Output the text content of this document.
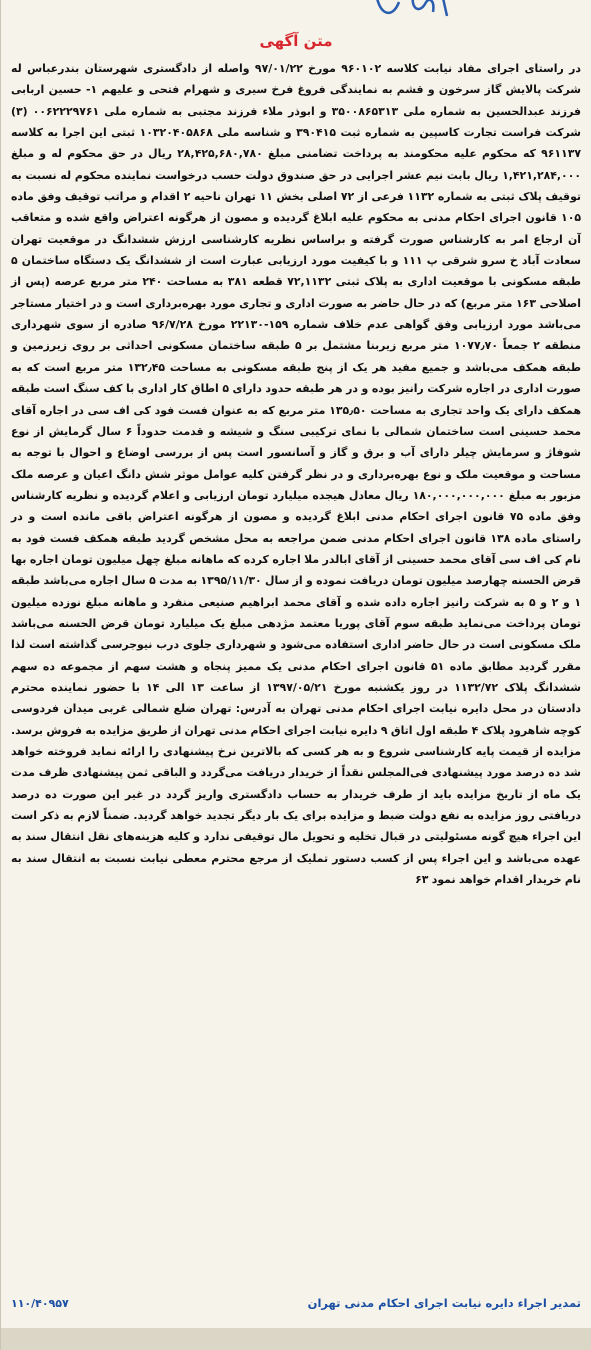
متن آگهی

در راستای اجرای مفاد نیابت کلاسه ۹۶۰۱۰۲ مورخ ۹۷/۰۱/۲۲ واصله از دادگستری شهرستان بندرعباس له شرکت پالایش گاز سرخون و قشم به نمایندگی فروغ فرخ سیری و شهرام فتحی و علیهم ۱- حسین اربابی فرزند عبدالحسین به شماره ملی ۳۵۰۰۸۶۵۳۱۳ و ابوذر ملاء فرزند مجتبی به شماره ملی ۰۰۶۲۲۲۹۷۶۱ (۳) شرکت فراست تجارت کاسپین به شماره ثبت ۳۹۰۴۱۵ و شناسه ملی ۱۰۳۲۰۴۰۵۸۶۸ ثبتی این اجرا به کلاسه ۹۶۱۱۳۷ که محکوم علیه محکومند به پرداخت تضامنی مبلغ ۲۸,۴۲۵,۶۸۰,۷۸۰ ریال در حق محکوم له و مبلغ ۱,۴۲۱,۲۸۴,۰۰۰ ریال بابت نیم عشر اجرایی در حق صندوق دولت حسب درخواست نماینده محکوم له نسبت به توقیف پلاک ثبتی به شماره ۱۱۳۲ فرعی از ۷۲ اصلی بخش ۱۱ تهران ناحیه ۲ اقدام و مراتب توقیف وفق ماده ۱۰۵ قانون اجرای احکام مدنی به محکوم علیه ابلاغ گردیده و مصون از هرگونه اعتراض واقع شده و متعاقب آن ارجاع امر به کارشناس صورت گرفته و براساس نظریه کارشناسی ارزش ششدانگ در موقعیت تهران سعادت آباد خ سرو شرقی پ ۱۱۱ و با کیفیت مورد ارزیابی عبارت است از ششدانگ یک دستگاه ساختمان ۵ طبقه مسکونی با موقعیت اداری به پلاک ثبتی ۷۲,۱۱۳۲ قطعه ۳۸۱ به مساحت ۲۴۰ متر مربع عرصه (پس از اصلاحی ۱۶۳ متر مربع) که در حال حاضر به صورت اداری و تجاری مورد بهره‌برداری است و در اختیار مستاجر می‌باشد مورد ارزیابی وفق گواهی عدم خلاف شماره ۱۵۹-۲۲۱۳۰ مورخ ۹۶/۷/۲۸ صادره از سوی شهرداری منطقه ۲ جمعاً ۱۰۷۷٫۷۰ متر مربع زیربنا مشتمل بر ۵ طبقه ساختمان مسکونی احداثی بر روی زیرزمین و طبقه همکف می‌باشد و جمیع مفید هر یک از پنج طبقه مسکونی به مساحت ۱۳۲٫۴۵ متر مربع است که به صورت اداری در اجاره شرکت رانیز بوده و در هر طبقه حدود دارای ۵ اطاق کار اداری با کف سنگ است طبقه همکف دارای یک واحد تجاری به مساحت ۱۳۵٫۵۰ متر مربع که به عنوان فست فود کی اف سی در اجاره آقای محمد حسینی است ساختمان شمالی با نمای ترکیبی سنگ و شیشه و قدمت حدوداً ۶ سال گرمایش از نوع شوفاژ و سرمایش چیلر دارای آب و برق و گاز و آسانسور است پس از بررسی اوضاع و احوال با توجه به مساحت و موقعیت ملک و نوع بهره‌برداری و در نظر گرفتن کلیه عوامل موثر شش دانگ اعیان و عرصه ملک مزبور به مبلغ ۱۸۰,۰۰۰,۰۰۰,۰۰۰ ریال معادل هیجده میلیارد تومان ارزیابی و اعلام گردیده و نظریه کارشناس وفق ماده ۷۵ قانون اجرای احکام مدنی ابلاغ گردیده و مصون از هرگونه اعتراض باقی مانده است و در راستای ماده ۱۳۸ قانون اجرای احکام مدنی ضمن مراجعه به محل مشخص گردید طبقه همکف فست فود به نام کی اف سی آقای محمد حسینی از آقای ابالدر ملا اجاره کرده که ماهانه مبلغ چهل میلیون تومان اجاره بها قرض الحسنه چهارصد میلیون تومان دریافت نموده و از سال ۱۳۹۵/۱۱/۳۰ به مدت ۵ سال اجاره می‌باشد طبقه ۱ و ۲ و ۵ به شرکت رانیز اجاره داده شده و آقای محمد ابراهیم صنیعی منفرد و ماهانه مبلغ نوزده میلیون تومان پرداخت می‌نماید طبقه سوم آقای پوریا معتمد مژدهی مبلغ یک میلیارد تومان قرض الحسنه می‌باشد ملک مسکونی است در حال حاضر اداری استفاده می‌شود و شهرداری جلوی درب نیوجرسی گذاشته است لذا مقرر گردید مطابق ماده ۵۱ قانون اجرای احکام مدنی یک ممیز پنجاه و هشت سهم از مجموعه ده سهم ششدانگ پلاک ۱۱۳۲/۷۲ در روز یکشنبه مورخ ۱۳۹۷/۰۵/۲۱ از ساعت ۱۳ الی ۱۴ با حضور نماینده محترم دادستان در محل دایره نیابت اجرای احکام مدنی تهران به آدرس: تهران ضلع شمالی غربی میدان فردوسی کوچه شاهرود پلاک ۴ طبقه اول اتاق ۹ دایره نیابت اجرای احکام مدنی تهران از طریق مزایده به فروش برسد. مزایده از قیمت پایه کارشناسی شروع و به هر کسی که بالاترین نرخ پیشنهادی را ارائه نماید فروخته خواهد شد ده درصد مورد پیشنهادی فی‌المجلس نقداً از خریدار دریافت می‌گردد و الباقی ثمن پیشنهادی ظرف مدت یک ماه از تاریخ مزایده باید از طرف خریدار به حساب دادگستری واریز گردد در غیر این صورت ده درصد دریافتی روز مزایده به نفع دولت ضبط و مزایده برای یک بار دیگر تجدید خواهد گردید. ضمناً لازم به ذکر است این اجراء هیچ گونه مسئولیتی در قبال تخلیه و تحویل مال توقیفی ندارد و کلیه هزینه‌های نقل انتقال سند به عهده می‌باشد و این اجراء پس از کسب دستور تملیک از مرجع محترم معطی نیابت نسبت به انتقال سند به نام خریدار اقدام خواهد نمود ۶۳

۱۱۰/۴۰۹۵۷	تمدیر اجراء دایره نیابت اجرای احکام مدنی تهران
